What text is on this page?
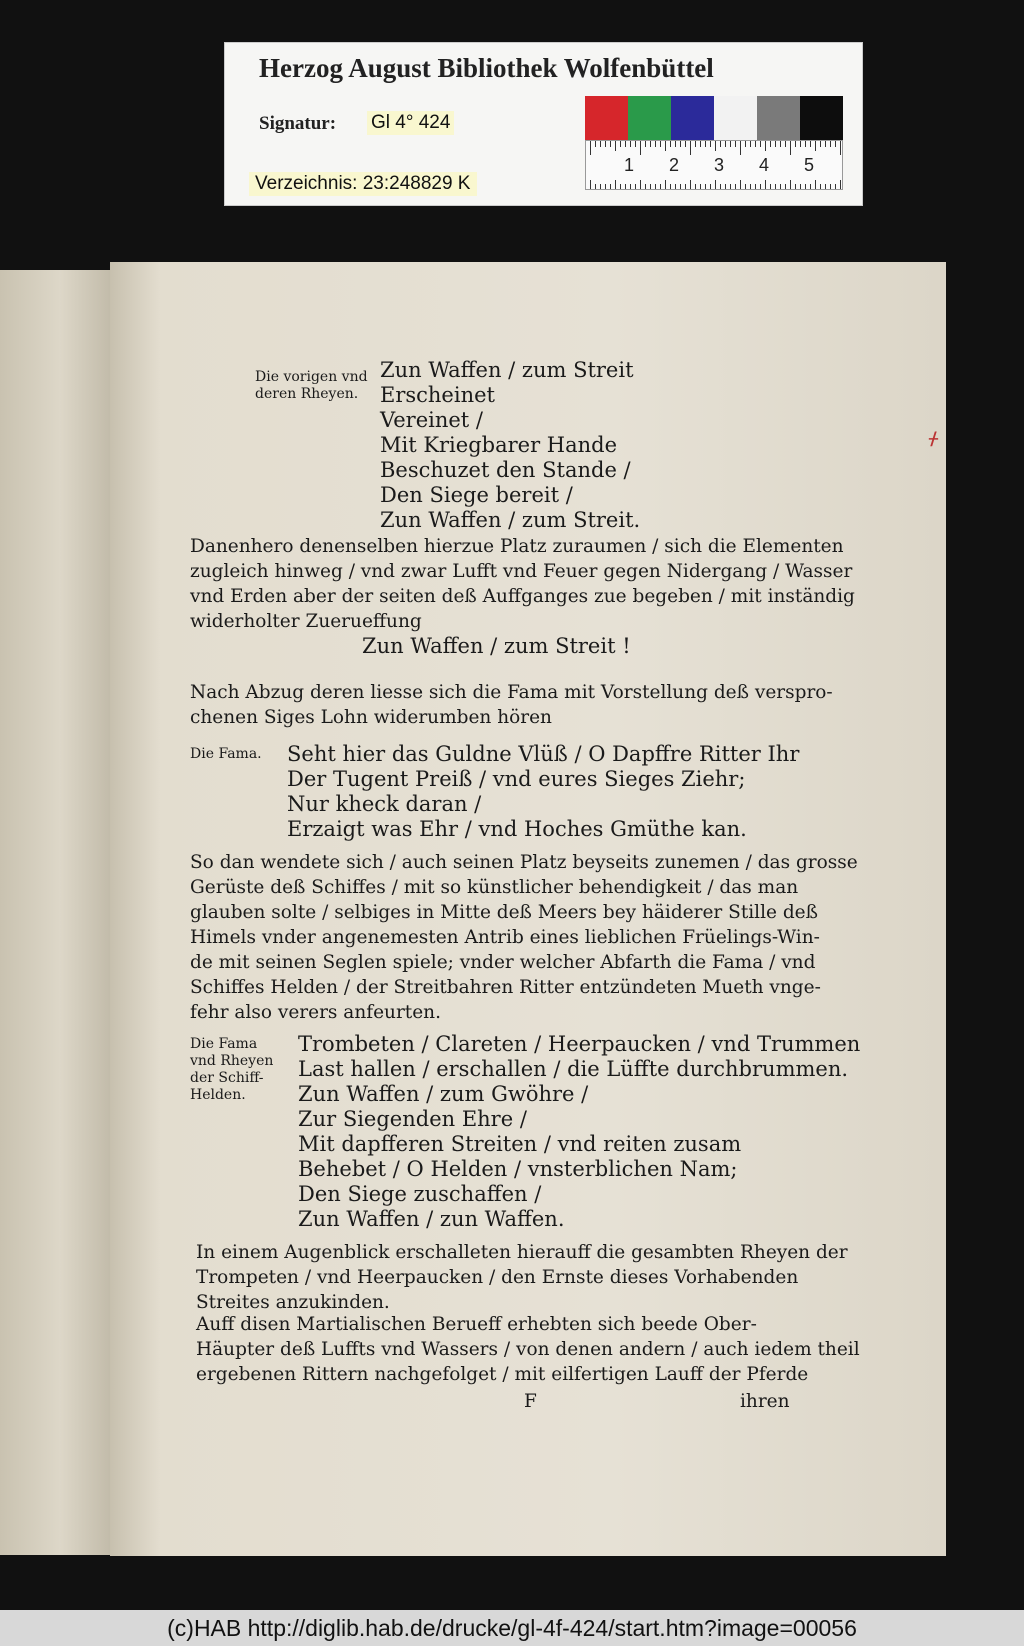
Herzog August Bibliothek Wolfenbüttel
Signatur: Gl 4° 424
Verzeichnis: 23:248829 K
1 2 3 4 5
ᚋ
Die vorigen vnd
deren Rheyen.
Zun Waffen / zum Streit
Erscheinet
Vereinet /
Mit Kriegbarer Hande
Beschuzet den Stande /
Den Siege bereit /
Zun Waffen / zum Streit.
Danenhero denenselben hierzue Platz zuraumen / sich die Elementen
zugleich hinweg / vnd zwar Lufft vnd Feuer gegen Nidergang / Wasser
vnd Erden aber der seiten deß Auffganges zue begeben / mit inständig
widerholter Zuerueffung
Zun Waffen / zum Streit !
Nach Abzug deren liesse sich die Fama mit Vorstellung deß verspro-
chenen Siges Lohn widerumben hören
Die Fama. Seht hier das Guldne Vlüß / O Dapffre Ritter Ihr
Der Tugent Preiß / vnd eures Sieges Ziehr;
Nur kheck daran /
Erzaigt was Ehr / vnd Hoches Gmüthe kan.
So dan wendete sich / auch seinen Platz beyseits zunemen / das grosse
Gerüste deß Schiffes / mit so künstlicher behendigkeit / das man
glauben solte / selbiges in Mitte deß Meers bey häiderer Stille deß
Himels vnder angenemesten Antrib eines lieblichen Früelings-Win-
de mit seinen Seglen spiele; vnder welcher Abfarth die Fama / vnd
Schiffes Helden / der Streitbahren Ritter entzündeten Mueth vnge-
fehr also verers anfeurten.
Die Fama
vnd Rheyen
der Schiff-
Helden.
Trombeten / Clareten / Heerpaucken / vnd Trummen
Last hallen / erschallen / die Lüffte durchbrummen.
Zun Waffen / zum Gwöhre /
Zur Siegenden Ehre /
Mit dapfferen Streiten / vnd reiten zusam
Behebet / O Helden / vnsterblichen Nam;
Den Siege zuschaffen /
Zun Waffen / zun Waffen.
In einem Augenblick erschalleten hierauff die gesambten Rheyen der
Trompeten / vnd Heerpaucken / den Ernste dieses Vorhabenden
Streites anzukinden.
Auff disen Martialischen Berueff erhebten sich beede Ober-
Häupter deß Luffts vnd Wassers / von denen andern / auch iedem theil
ergebenen Rittern nachgefolget / mit eilfertigen Lauff der Pferde
F	ihren
(c)HAB http://diglib.hab.de/drucke/gl-4f-424/start.htm?image=00056
